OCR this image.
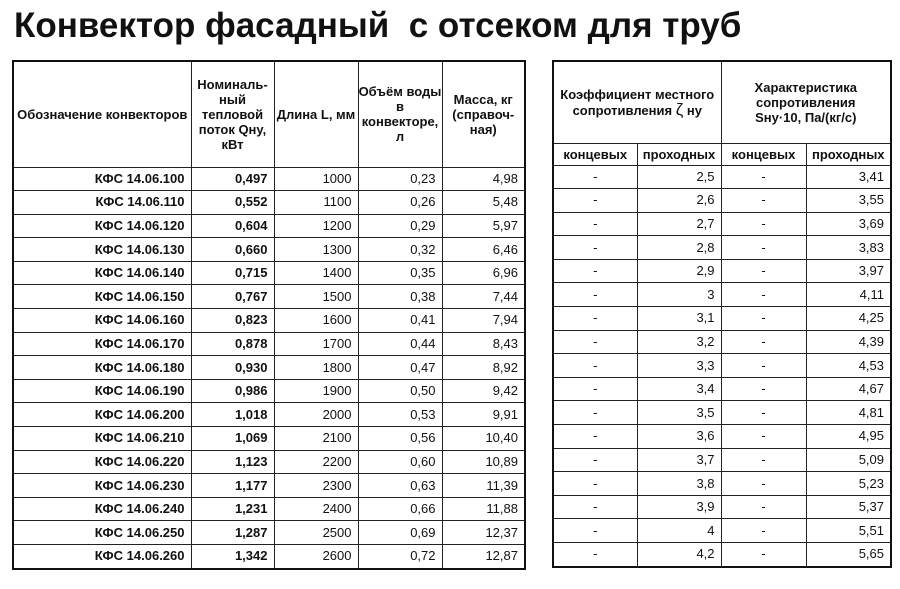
Конвектор фасадный  с отсеком для труб
Обозначение конвекторов	Номиналь-ный тепловой поток Qну, кВт	Длина L, мм	Объём воды в конвекторе, л	Масса, кг (справоч-ная)
КФС 14.06.100	0,497	1000	0,23	4,98
КФС 14.06.110	0,552	1100	0,26	5,48
КФС 14.06.120	0,604	1200	0,29	5,97
КФС 14.06.130	0,660	1300	0,32	6,46
КФС 14.06.140	0,715	1400	0,35	6,96
КФС 14.06.150	0,767	1500	0,38	7,44
КФС 14.06.160	0,823	1600	0,41	7,94
КФС 14.06.170	0,878	1700	0,44	8,43
КФС 14.06.180	0,930	1800	0,47	8,92
КФС 14.06.190	0,986	1900	0,50	9,42
КФС 14.06.200	1,018	2000	0,53	9,91
КФС 14.06.210	1,069	2100	0,56	10,40
КФС 14.06.220	1,123	2200	0,60	10,89
КФС 14.06.230	1,177	2300	0,63	11,39
КФС 14.06.240	1,231	2400	0,66	11,88
КФС 14.06.250	1,287	2500	0,69	12,37
КФС 14.06.260	1,342	2600	0,72	12,87
Коэффициент местного сопротивления ζ ну		Характеристика сопротивления
Sну·10, Па/(кг/с)	
концевых	проходных	концевых	проходных
-	2,5	-	3,41
-	2,6	-	3,55
-	2,7	-	3,69
-	2,8	-	3,83
-	2,9	-	3,97
-	3	-	4,11
-	3,1	-	4,25
-	3,2	-	4,39
-	3,3	-	4,53
-	3,4	-	4,67
-	3,5	-	4,81
-	3,6	-	4,95
-	3,7	-	5,09
-	3,8	-	5,23
-	3,9	-	5,37
-	4	-	5,51
-	4,2	-	5,65
